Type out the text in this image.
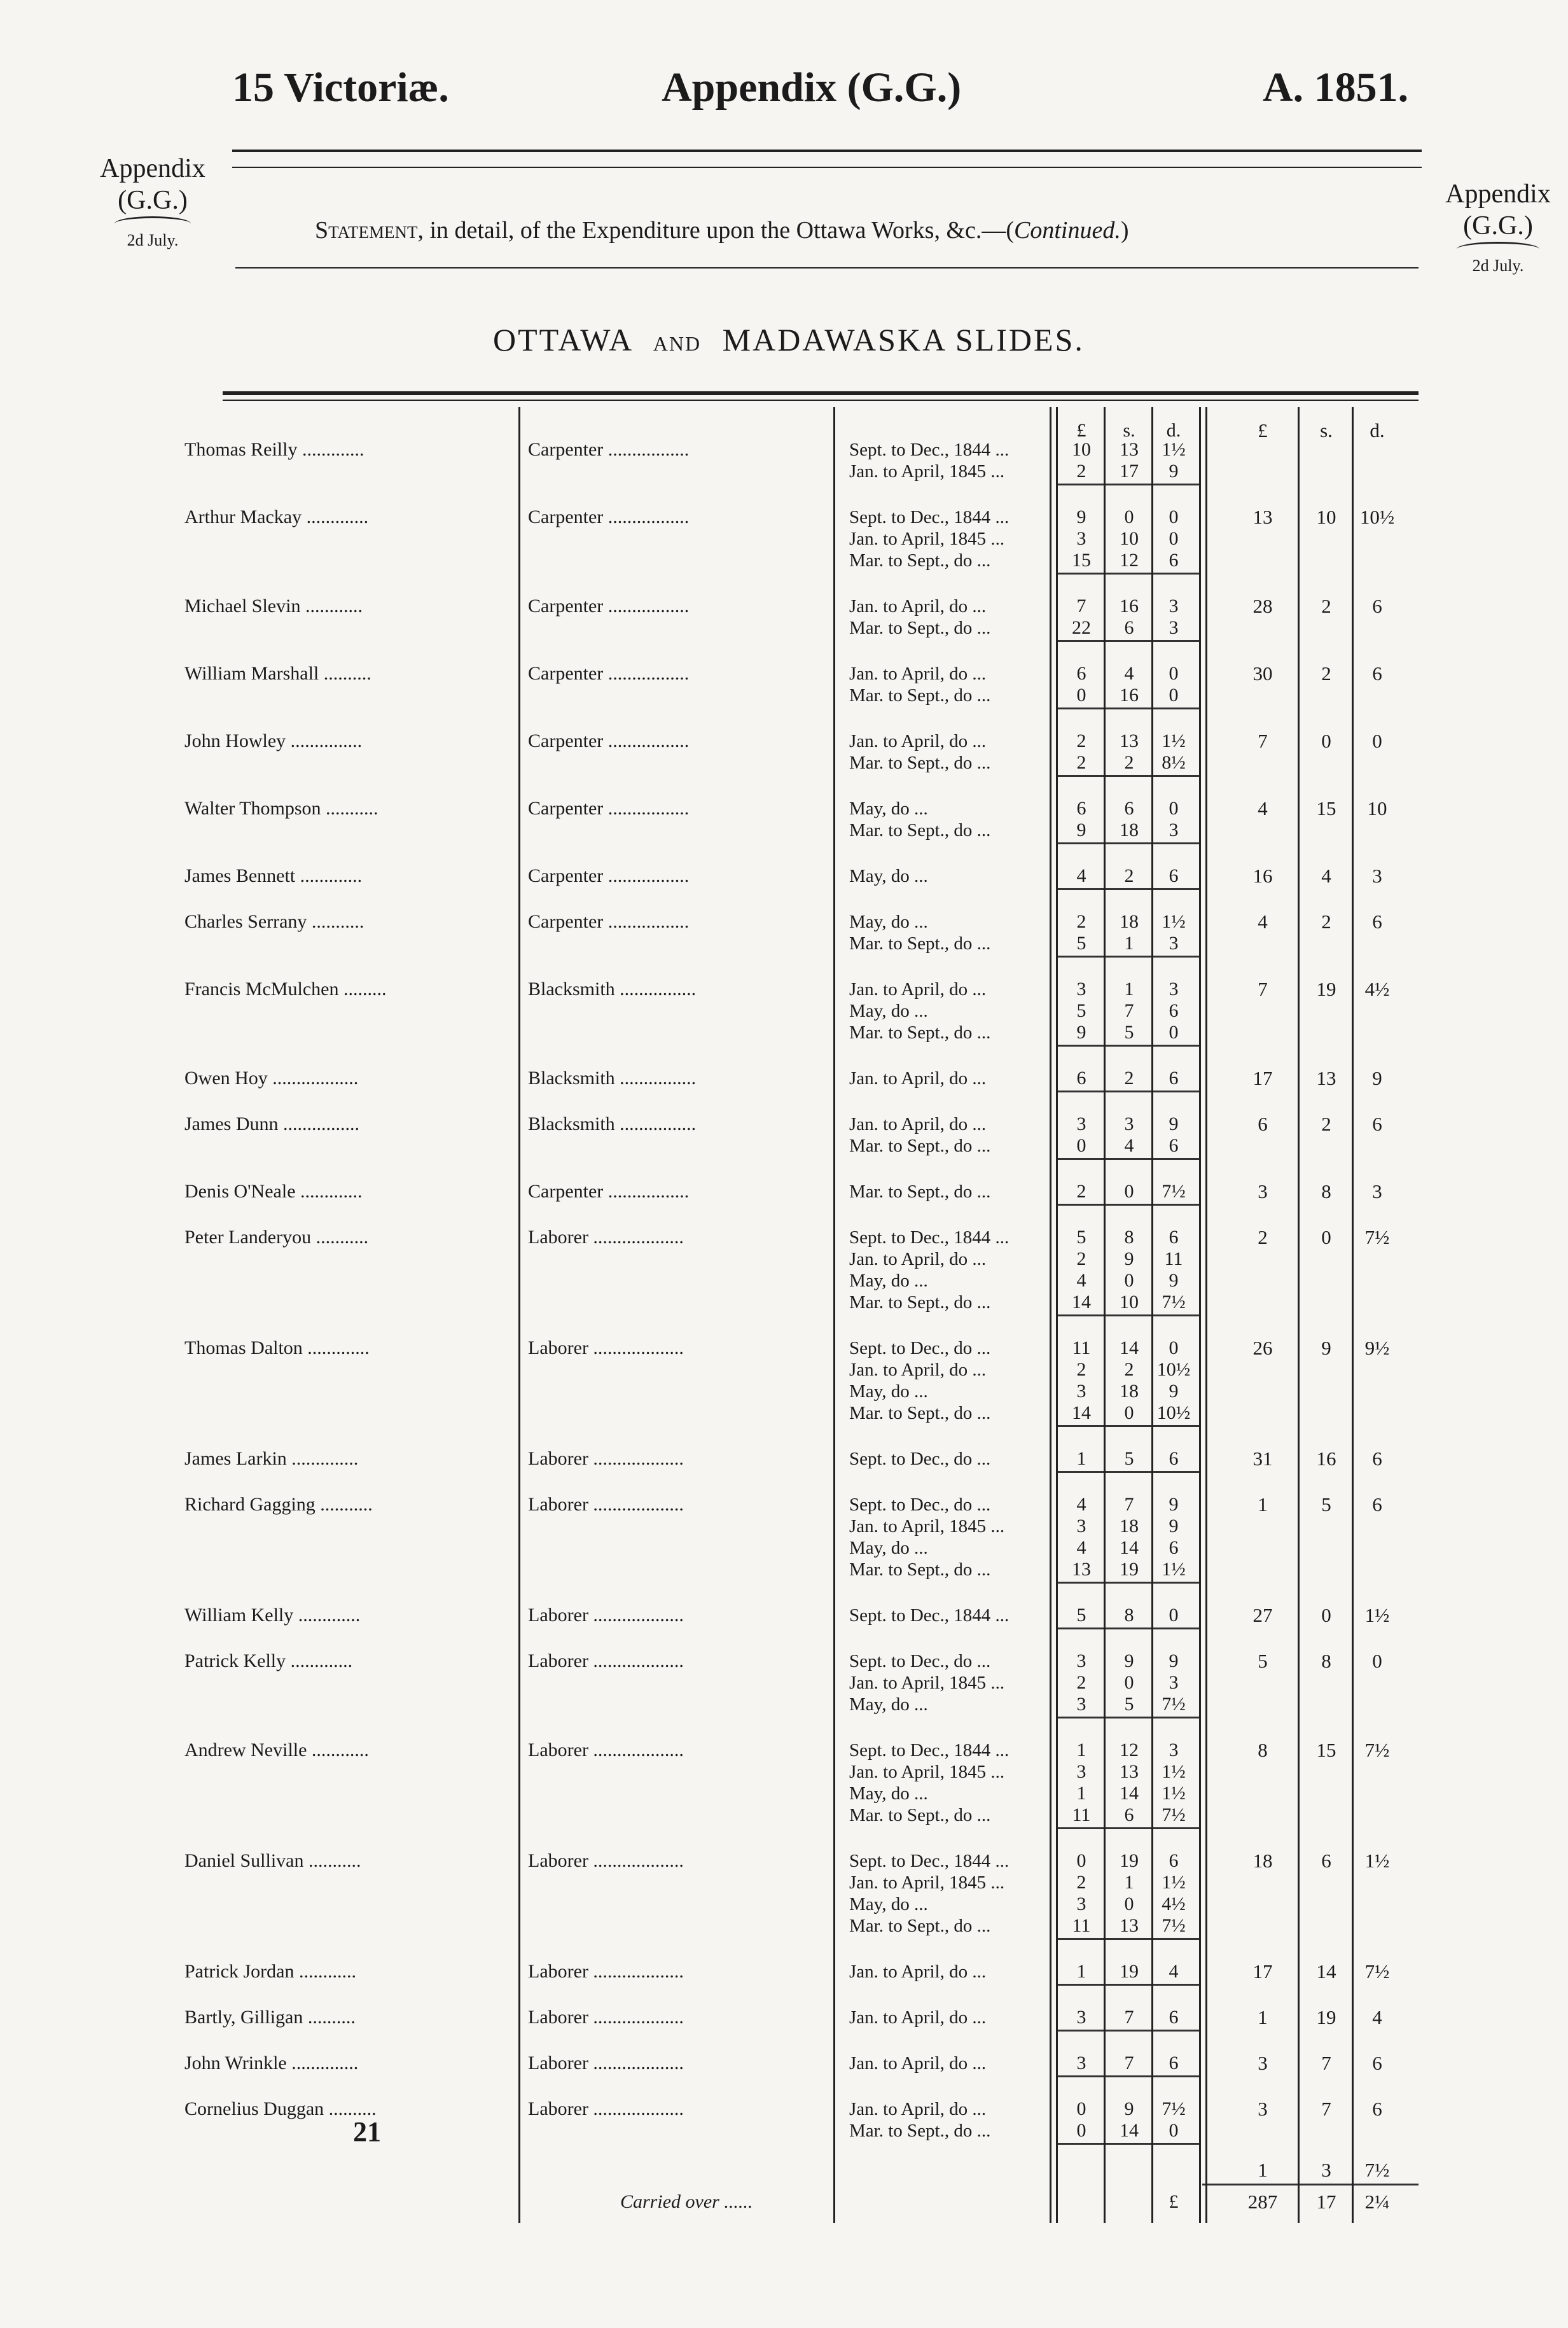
15 Victoriæ.	Appendix (G.G.)	A. 1851.
Appendix
(G.G.)
2d July.
Appendix
(G.G.)
2d July.
Statement, in detail, of the Expenditure upon the Ottawa Works, &c.—(Continued.)
OTTAWA AND MADAWASKA SLIDES.
£	s.	d.	£	s.	d.
Thomas Reilly .............	Carpenter .................	Sept. to Dec., 1844 ...	10	13	1½
Jan. to April, 1845 ...	2	17	9
Arthur Mackay .............	Carpenter .................	Sept. to Dec., 1844 ...	9	0	0
Jan. to April, 1845 ...	3	10	0
Mar. to Sept., do ...	15	12	6
13	10	10½
Michael Slevin ............	Carpenter .................	Jan. to April, do ...	7	16	3
Mar. to Sept., do ...	22	6	3
28	2	6
William Marshall ..........	Carpenter .................	Jan. to April, do ...	6	4	0
Mar. to Sept., do ...	0	16	0
30	2	6
John Howley ...............	Carpenter .................	Jan. to April, do ...	2	13	1½
Mar. to Sept., do ...	2	2	8½
7	0	0
Walter Thompson ...........	Carpenter .................	May, do ...	6	6	0
Mar. to Sept., do ...	9	18	3
4	15	10
James Bennett .............	Carpenter .................	May, do ...	4	2	6	16	4	3
Charles Serrany ...........	Carpenter .................	May, do ...	2	18	1½
Mar. to Sept., do ...	5	1	3
4	2	6
Francis McMulchen .........	Blacksmith ................	Jan. to April, do ...	3	1	3
May, do ...	5	7	6
Mar. to Sept., do ...	9	5	0
7	19	4½
Owen Hoy ..................	Blacksmith ................	Jan. to April, do ...	6	2	6	17	13	9
James Dunn ................	Blacksmith ................	Jan. to April, do ...	3	3	9
Mar. to Sept., do ...	0	4	6
6	2	6
Denis O'Neale .............	Carpenter .................	Mar. to Sept., do ...	2	0	7½	3	8	3
Peter Landeryou ...........	Laborer ...................	Sept. to Dec., 1844 ...	5	8	6
Jan. to April, do ...	2	9	11
May, do ...	4	0	9
Mar. to Sept., do ...	14	10	7½
2	0	7½
Thomas Dalton .............	Laborer ...................	Sept. to Dec., do ...	11	14	0
Jan. to April, do ...	2	2	10½
May, do ...	3	18	9
Mar. to Sept., do ...	14	0	10½
26	9	9½
James Larkin ..............	Laborer ...................	Sept. to Dec., do ...	1	5	6	31	16	6
Richard Gagging ...........	Laborer ...................	Sept. to Dec., do ...	4	7	9
Jan. to April, 1845 ...	3	18	9
May, do ...	4	14	6
Mar. to Sept., do ...	13	19	1½
1	5	6
William Kelly .............	Laborer ...................	Sept. to Dec., 1844 ...	5	8	0	27	0	1½
Patrick Kelly .............	Laborer ...................	Sept. to Dec., do ...	3	9	9
Jan. to April, 1845 ...	2	0	3
May, do ...	3	5	7½
5	8	0
Andrew Neville ............	Laborer ...................	Sept. to Dec., 1844 ...	1	12	3
Jan. to April, 1845 ...	3	13	1½
May, do ...	1	14	1½
Mar. to Sept., do ...	11	6	7½
8	15	7½
Daniel Sullivan ...........	Laborer ...................	Sept. to Dec., 1844 ...	0	19	6
Jan. to April, 1845 ...	2	1	1½
May, do ...	3	0	4½
Mar. to Sept., do ...	11	13	7½
18	6	1½
Patrick Jordan ............	Laborer ...................	Jan. to April, do ...	1	19	4	17	14	7½
Bartly, Gilligan ..........	Laborer ...................	Jan. to April, do ...	3	7	6	1	19	4
John Wrinkle ..............	Laborer ...................	Jan. to April, do ...	3	7	6	3	7	6
Cornelius Duggan ..........	Laborer ...................	Jan. to April, do ...	0	9	7½
Mar. to Sept., do ...	0	14	0
3	7	6
1	3	7½
Carried over ......	£	287	17	2¼
21
